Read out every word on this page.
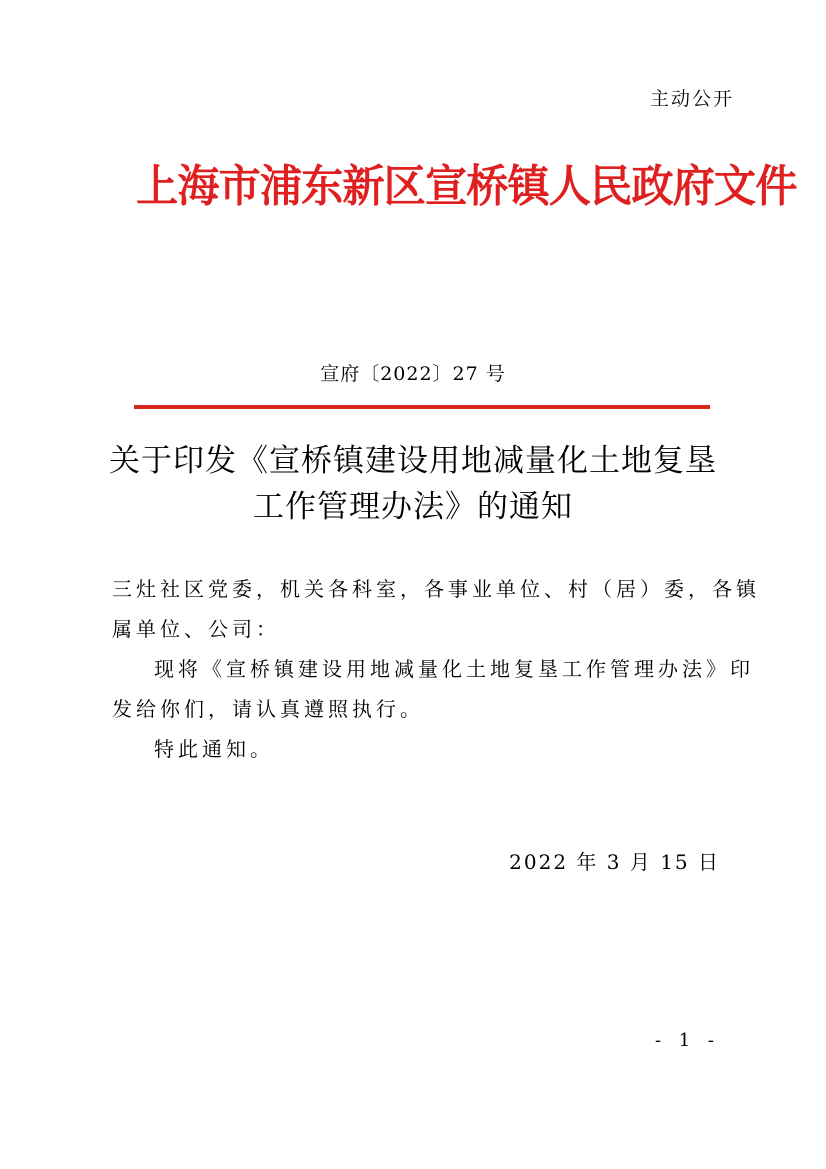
主动公开
上海市浦东新区宣桥镇人民政府文件
宣府〔2022〕27 号
关于印发《宣桥镇建设用地减量化土地复垦
工作管理办法》的通知
三灶社区党委，机关各科室，各事业单位、村（居）委，各镇
属单位、公司：
现将《宣桥镇建设用地减量化土地复垦工作管理办法》印
发给你们，请认真遵照执行。
特此通知。
2022 年 3 月 15 日
- 1 -
